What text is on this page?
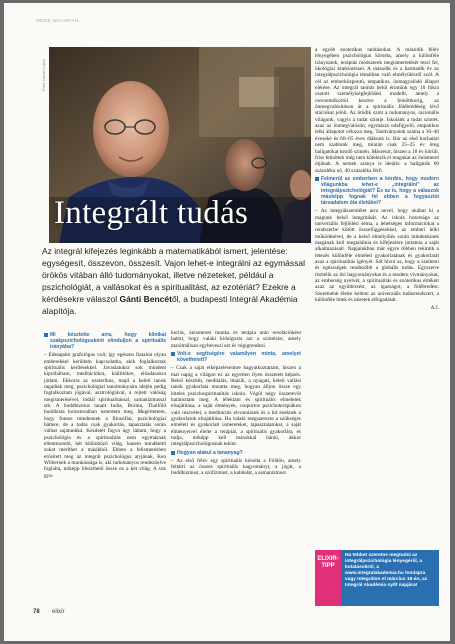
MEGE WCAMPAH
Fotó: Hauer Lajos
Integrált tudás
Az integrál kifejezés leginkább a matematikából ismert, jelentése: egységesít, összevon, összesít. Vajon lehet-e integrálni az egymással örökös vitában álló tudományokat, illetve nézeteket, például a pszichológiát, a vallásokat és a spiritualitást, az ezotériát? Ezekre a kérdésekre válaszol Gánti Bencétől, a budapesti Integrál Akadémia alapítója.
Mi késztette arra, hogy klinikai szakpszichológusként elinduljon a spirituális irányába?

– Édesapám grafológus volt, így egészen fiatalon olyan emberekkel kerültem kapcsolatba, akik foglalkoztak spirituális kérdésekkel. Javaslatukra sok mindent kipróbáltam, meditációkra, kiállítókre, előadásokra jártam. Ekkorra az ezoterikus, majd a keleti tanok ragadtak meg, pszichológiai tanulmányaim idején pedig foglalkoztam jógával, asztrológiával, a rejtett valóság megismerésével, indiái spiritualitással, samanizmussal stb. A buddhizmus tanait India, Burma, Thaiföld buddhista kolostoraiban ismertem meg. Megértettem, hogy fontos mindennek a filozófiai, pszichológiai háttere, de a tudás csak gyakorlás, tapasztalás során válhat sajátunkká. Kezdetét fogva úgy láttam, hogy a pszichológia és a spiritualitás nem egymásnak ellentmondó, két különböző világ, hanem mindkettő sokat meríthet a másikból. Ebben a felismerésben erősített meg az integrál pszichológus atyjának, Ken Wilbernek a munkássága is, aki tudományos rendezőelve foglalta, miképp illeszthető össze ez a két világ. A sok gya-

korlás, önismereti munka és terápia után revelációként hatott, hogy valaki kidolgozta azt a szintézist, amely maximálisan egybeveszi ezt és végigrendezi.

Volt-e segítségére valamilyen minta, amelyet követhetett?

– Csak a saját elképzeléseimre hagyatkoztattam, hiszen a mai napig a világon ez az egyetlen ilyen összetett képzés. Belső készítés, meditálás, imázik, a nyugati, keleti vallási tanok gyakorlata mutatta meg, hogyan álljon össze egy hiteles pszichospiritualitás iskola. Végül négy összetevőt határoztam meg. A lélektani és spirituális elméletek elsajátítása, a saját élmények, csoportos pszichoterápiákon való részvétel, a meditációs elvonulások és a hit ezeknek a gyakorlatok elsajátítása. Ha valaki megszerezte a szükséges elméleti és gyakorlati ismereteket, tapasztalatokat, a saját élményeivel élelte a terápiát, a spirituális gyakorlást, és tudja, miképp kell másokkal bánni, akkor integrálpszichológusnak tekint.

Hogyan alakul a tananyag?

– Az első félév egy spirituális körséta a Földön, amely feltárti az összes spirituális hagyományt, a jógát, a buddhizmust, a szúfizmust, a kabbalát, a samanizmust

a egyéb ezoterikus tanításokat. A második félév lényegében pszichológiai körséta, amely a különféle irányzatok, terápiás módszerek megismertetését teszi fel, ökológiai kitekintéssel. A második és a harmadik év az integrálpszichológia témáiban való elmélyülésről szól. A cél az emberközpontú, empatikus, önmagyalódó állapot elérése. Az integrál tanítás belül érintünk egy 10 fókra osztott személyiségfejlődési modellt, amely a csecsemőkortól kezdve a felnőttkorig, az önmegvalósításon át a spirituális fölébredéség lévő stációkat jelöli. Az ötödik szint a tudományos, racionális világunk, vagyis a tudat szintje. Iskolánk a tudat szintet, azaz az önmegvalósító, egymásra odafigyelő, empatikus lelki állapotot célozza meg. Tanítványaink száma a 30–40 éveseké és 60–65 éves diákunk is. Bár az első korhatárt nem szabtunk meg, miután csak 25–25 év öreg hallgatókat kezdő szintén. Másrészt, hiszen a 18 év körüli, friss felnőttek még nem kötelezik el magukat az önismeret útjának. A nemek aránya is ideális: a hallgatók 60 százaléka nő, 40 százaléka férfi.

Felmerül az emberben a kérdés, hogy modern világunkba lehet-e „integrálni" az integrálpszichológiát? És az is, hogy a válaszok másképp fognak fel ebben a fogyasztói társadalom óta életüket?

– Az integrálszemlélet arra nevel, hogy ukáltat ki a magunk belső integritását. Az iskola botorsága az univerzális fejlődési séma, a lehetséges információkat a rendszerbe kötött összefüggésekkel, az emberi lelki működésével, de a belső elmélyülés során mindenkinek magának kell megtalálnia és kifejezésre juttatnia a saját alkalmazásait. Napjainkban már egyre többen tekintik a létezés különféle elméleti gyakorlatának és gyakorlatát azaz a spiritualitás igényét. Sőt hívni az, hogy a szellemi és egészségek rendezőbb a globális tudás. Egyszerre tisztelik az ősi hagyományokat és a modern vívmányokat, az emberség nyelvét, a spiritualitás és ezoterikus értékeit azaz az együttérzést, az igazságot, a fölébredést. Szeretnénk életre kelteni az univerzális tudásrendszert, a különféle hitek és nézetek elfogadását.

A.J.
ELIXIR-TIPP
Ha többet szeretne megtudni az integrálpszichológia lényegéről, a kutatásokról, a www.integralakademia.hu honlapra vagy Integrálon el március 18-án, az Integrál Akadémia nyílt napjára!
78 elixír
